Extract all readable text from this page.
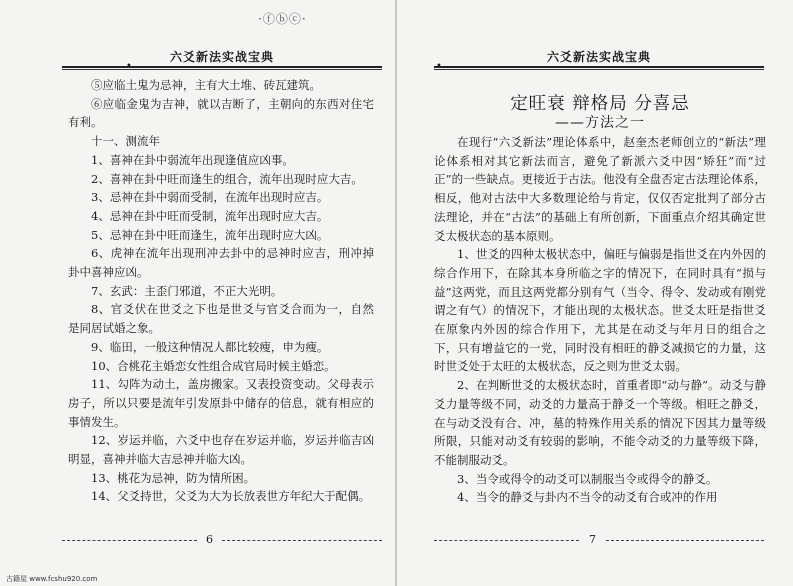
·ⓕⓑⓒ·
六爻新法实战宝典
•

⑤应临土鬼为忌神，主有大土堆、砖瓦建筑。

⑥应临金鬼为吉神，就以吉断了，主朝向的东西对住宅有利。

十一、测流年

1、喜神在卦中弱流年出现逢值应凶事。

2、喜神在卦中旺而逢生的组合，流年出现时应大吉。

3、忌神在卦中弱而受制，在流年出现时应吉。

4、忌神在卦中旺而受制，流年出现时应大吉。

5、忌神在卦中旺而逢生，流年出现时应大凶。

6、虎神在流年出现刑冲去卦中的忌神时应吉，刑冲掉卦中喜神应凶。

7、玄武：主歪门邪道，不正大光明。

8、官爻伏在世爻之下也是世爻与官爻合而为一，自然是同居试婚之象。

9、临田，一般这种情况人都比较瘦，申为瘦。

10、合桃花主婚恋女性组合成官局时候主婚恋。

11、勾阵为动土，盖房搬家。又表投资变动。父母表示房子，所以只要是流年引发原卦中储存的信息，就有相应的事情发生。

12、岁运并临，六爻中也存在岁运并临，岁运并临吉凶明显，喜神并临大吉忌神并临大凶。

13、桃花为忌神，防为情所困。

14、父爻持世，父爻为大为长放表世方年纪大于配偶。

6
六爻新法实战宝典
•
定旺衰 辩格局 分喜忌
——方法之一

在现行“六爻新法”理论体系中，赵奎杰老师创立的“新法”理论体系相对其它新法而言，避免了新派六爻中因“矫狂”而“过正”的一些缺点。更接近于古法。他没有全盘否定古法理论体系，相反，他对古法中大多数理论给与肯定，仅仅否定批判了部分古法理论，并在“古法”的基础上有所创新，下面重点介绍其确定世爻太极状态的基本原则。

1、世爻的四种太极状态中，偏旺与偏弱是指世爻在内外因的综合作用下，在除其本身所临之字的情况下，在同时具有“损与益”这两党，而且这两党都分别有气（当令、得令、发动或有刚党谓之有气）的情况下，才能出现的太极状态。世爻太旺是指世爻在原象内外因的综合作用下，尤其是在动爻与年月日的组合之下，只有增益它的一党，同时没有相旺的静爻减损它的力量，这时世爻处于太旺的太极状态，反之则为世爻太弱。

2、在判断世爻的太极状态时，首重者即“动与静”。动爻与静爻力量等级不同，动爻的力量高于静爻一个等级。相旺之静爻，在与动爻没有合、冲，墓的特殊作用关系的情况下因其力量等级所限，只能对动爻有较弱的影响，不能令动爻的力量等级下降，不能制服动爻。

3、当令或得令的动爻可以制服当令或得令的静爻。

4、当令的静爻与卦内不当令的动爻有合或冲的作用

7
古籍屋 www.fcshu920.com
